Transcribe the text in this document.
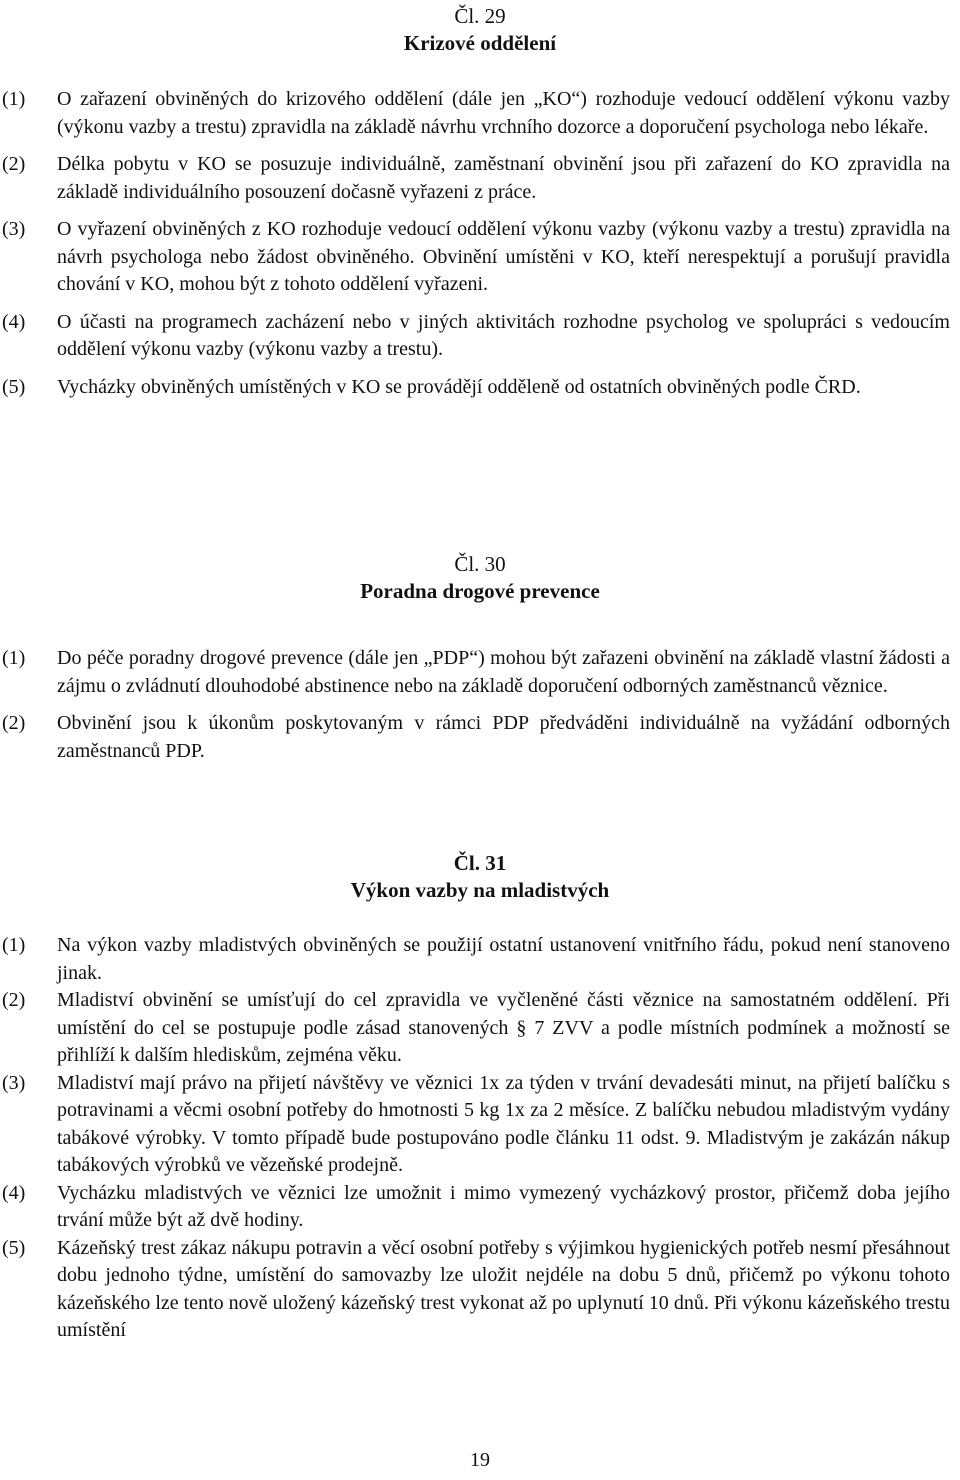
Čl. 29
Krizové oddělení
(1) O zařazení obviněných do krizového oddělení (dále jen „KO“) rozhoduje vedoucí oddělení výkonu vazby (výkonu vazby a trestu) zpravidla na základě návrhu vrchního dozorce a doporučení psychologa nebo lékaře.
(2) Délka pobytu v KO se posuzuje individuálně, zaměstnaní obvinění jsou při zařazení do KO zpravidla na základě individuálního posouzení dočasně vyřazeni z práce.
(3) O vyřazení obviněných z KO rozhoduje vedoucí oddělení výkonu vazby (výkonu vazby a trestu) zpravidla na návrh psychologa nebo žádost obviněného. Obvinění umístěni v KO, kteří nerespektují a porušují pravidla chování v KO, mohou být z tohoto oddělení vyřazeni.
(4) O účasti na programech zacházení nebo v jiných aktivitách rozhodne psycholog ve spolupráci s vedoucím oddělení výkonu vazby (výkonu vazby a trestu).
(5) Vycházky obviněných umístěných v KO se provádějí odděleně od ostatních obviněných podle ČRD.
Čl. 30
Poradna drogové prevence
(1) Do péče poradny drogové prevence (dále jen „PDP“) mohou být zařazeni obvinění na základě vlastní žádosti a zájmu o zvládnutí dlouhodobé abstinence nebo na základě doporučení odborných zaměstnanců věznice.
(2) Obvinění jsou k úkonům poskytovaným v rámci PDP předváděni individuálně na vyžádání odborných zaměstnanců PDP.
Čl. 31
Výkon vazby na mladistvých
(1) Na výkon vazby mladistvých obviněných se použijí ostatní ustanovení vnitřního řádu, pokud není stanoveno jinak.
(2) Mladiství obvinění se umísťují do cel zpravidla ve vyčleněné části věznice na samostatném oddělení. Při umístění do cel se postupuje podle zásad stanovených § 7 ZVV a podle místních podmínek a možností se přihlíží k dalším hlediskům, zejména věku.
(3) Mladiství mají právo na přijetí návštěvy ve věznici 1x za týden v trvání devadesáti minut, na přijetí balíčku s potravinami a věcmi osobní potřeby do hmotnosti 5 kg 1x za 2 měsíce. Z balíčku nebudou mladistvým vydány tabákové výrobky. V tomto případě bude postupováno podle článku 11 odst. 9. Mladistvým je zakázán nákup tabákových výrobků ve vězeňské prodejně.
(4) Vycházku mladistvých ve věznici lze umožnit i mimo vymezený vycházkový prostor, přičemž doba jejího trvání může být až dvě hodiny.
(5) Kázeňský trest zákaz nákupu potravin a věcí osobní potřeby s výjimkou hygienických potřeb nesmí přesáhnout dobu jednoho týdne, umístění do samovazby lze uložit nejdéle na dobu 5 dnů, přičemž po výkonu tohoto kázeňského lze tento nově uložený kázeňský trest vykonat až po uplynutí 10 dnů. Při výkonu kázeňského trestu umístění
19
